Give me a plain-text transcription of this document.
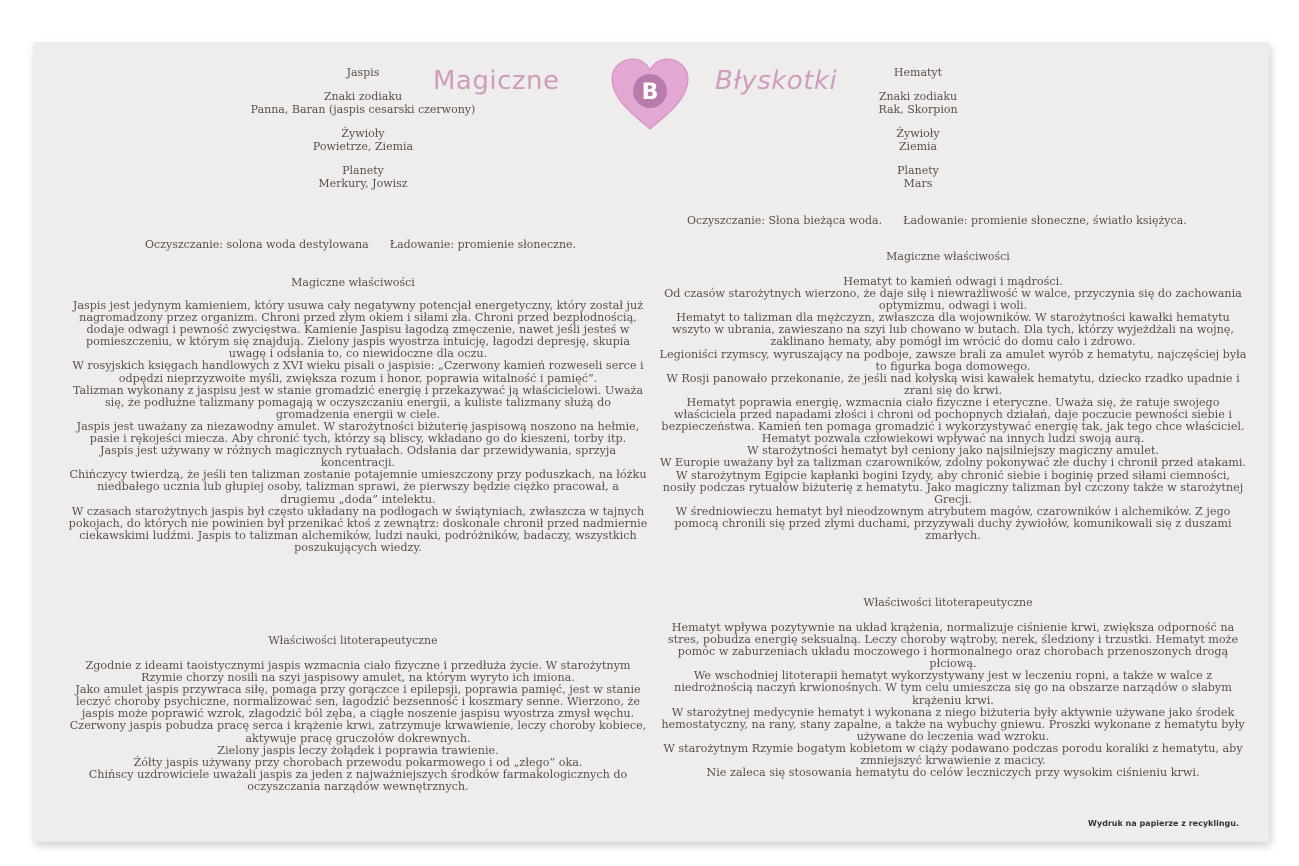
Magiczne	B Błyskotki
Jaspis
Znaki zodiaku
Panna, Baran (jaspis cesarski czerwony)
Żywioły
Powietrze, Ziemia
Planety
Merkury, Jowisz
Hematyt
Znaki zodiaku
Rak, Skorpion
Żywioły
Ziemia
Planety
Mars
Oczyszczanie: solona woda destylowana Ładowanie: promienie słoneczne.
Oczyszczanie: Słona bieżąca woda. Ładowanie: promienie słoneczne, światło księżyca.
Magiczne właściwości
Magiczne właściwości

Jaspis jest jedynym kamieniem, który usuwa cały negatywny potencjał energetyczny, który został już nagromadzony przez organizm. Chroni przed złym okiem i siłami zła. Chroni przed bezpłodnością, dodaje odwagi i pewność zwycięstwa. Kamienie Jaspisu łagodzą zmęczenie, nawet jeśli jesteś w pomieszczeniu, w którym się znajdują. Zielony jaspis wyostrza intuicję, łagodzi depresję, skupia uwagę i odsłania to, co niewidoczne dla oczu.

W rosyjskich księgach handlowych z XVI wieku pisali o jaspisie: „Czerwony kamień rozweseli serce i odpędzi nieprzyzwoite myśli, zwiększa rozum i honor, poprawia witalność i pamięć”.

Talizman wykonany z jaspisu jest w stanie gromadzić energię i przekazywać ją właścicielowi. Uważa się, że podłużne talizmany pomagają w oczyszczaniu energii, a kuliste talizmany służą do gromadzenia energii w ciele.

Jaspis jest uważany za niezawodny amulet. W starożytności biżuterię jaspisową noszono na hełmie, pasie i rękojeści miecza. Aby chronić tych, którzy są bliscy, wkładano go do kieszeni, torby itp.

Jaspis jest używany w różnych magicznych rytuałach. Odsłania dar przewidywania, sprzyja koncentracji.

Chińczycy twierdzą, że jeśli ten talizman zostanie potajemnie umieszczony przy poduszkach, na łóżku niedbałego ucznia lub głupiej osoby, talizman sprawi, że pierwszy będzie ciężko pracował, a drugiemu „doda” intelektu.

W czasach starożytnych jaspis był często układany na podłogach w świątyniach, zwłaszcza w tajnych pokojach, do których nie powinien był przenikać ktoś z zewnątrz: doskonale chronił przed nadmiernie ciekawskimi ludźmi. Jaspis to talizman alchemików, ludzi nauki, podróżników, badaczy, wszystkich poszukujących wiedzy.

Hematyt to kamień odwagi i mądrości.

Od czasów starożytnych wierzono, że daje siłę i niewrażliwość w walce, przyczynia się do zachowania optymizmu, odwagi i woli.

Hematyt to talizman dla mężczyzn, zwłaszcza dla wojowników. W starożytności kawałki hematytu wszyto w ubrania, zawieszano na szyi lub chowano w butach. Dla tych, którzy wyjeżdżali na wojnę, zaklinano hematy, aby pomógł im wrócić do domu cało i zdrowo.

Legioniści rzymscy, wyruszający na podboje, zawsze brali za amulet wyrób z hematytu, najczęściej była to figurka boga domowego.

W Rosji panowało przekonanie, że jeśli nad kołyską wisi kawałek hematytu, dziecko rzadko upadnie i zrani się do krwi.

Hematyt poprawia energię, wzmacnia ciało fizyczne i eteryczne. Uważa się, że ratuje swojego właściciela przed napadami złości i chroni od pochopnych działań, daje poczucie pewności siebie i bezpieczeństwa. Kamień ten pomaga gromadzić i wykorzystywać energię tak, jak tego chce właściciel. Hematyt pozwala człowiekowi wpływać na innych ludzi swoją aurą.

W starożytności hematyt był ceniony jako najsilniejszy magiczny amulet.

W Europie uważany był za talizman czarowników, zdolny pokonywać złe duchy i chronił przed atakami.

W starożytnym Egipcie kapłanki bogini Izydy, aby chronić siebie i boginię przed siłami ciemności, nosiły podczas rytuałów biżuterię z hematytu. Jako magiczny talizman był czczony także w starożytnej Grecji.

W średniowieczu hematyt był nieodzownym atrybutem magów, czarowników i alchemików. Z jego pomocą chronili się przed złymi duchami, przyzywali duchy żywiołów, komunikowali się z duszami zmarłych.

Właściwości litoterapeutyczne
Właściwości litoterapeutyczne

Zgodnie z ideami taoistycznymi jaspis wzmacnia ciało fizyczne i przedłuża życie. W starożytnym Rzymie chorzy nosili na szyi jaspisowy amulet, na którym wyryto ich imiona.

Jako amulet jaspis przywraca siłę, pomaga przy gorączce i epilepsji, poprawia pamięć, jest w stanie leczyć choroby psychiczne, normalizować sen, łagodzić bezsenność i koszmary senne. Wierzono, że jaspis może poprawić wzrok, złagodzić ból zęba, a ciągłe noszenie jaspisu wyostrza zmysł węchu.

Czerwony jaspis pobudza pracę serca i krążenie krwi, zatrzymuje krwawienie, leczy choroby kobiece, aktywuje pracę gruczołów dokrewnych.

Zielony jaspis leczy żołądek i poprawia trawienie.

Żółty jaspis używany przy chorobach przewodu pokarmowego i od „złego” oka.

Chińscy uzdrowiciele uważali jaspis za jeden z najważniejszych środków farmakologicznych do oczyszczania narządów wewnętrznych.

Hematyt wpływa pozytywnie na układ krążenia, normalizuje ciśnienie krwi, zwiększa odporność na stres, pobudza energię seksualną. Leczy choroby wątroby, nerek, śledziony i trzustki. Hematyt może pomóc w zaburzeniach układu moczowego i hormonalnego oraz chorobach przenoszonych drogą płciową.

We wschodniej litoterapii hematyt wykorzystywany jest w leczeniu ropni, a także w walce z niedrożnością naczyń krwionośnych. W tym celu umieszcza się go na obszarze narządów o słabym krążeniu krwi.

W starożytnej medycynie hematyt i wykonana z niego biżuteria były aktywnie używane jako środek hemostatyczny, na rany, stany zapalne, a także na wybuchy gniewu. Proszki wykonane z hematytu były używane do leczenia wad wzroku.

W starożytnym Rzymie bogatym kobietom w ciąży podawano podczas porodu koraliki z hematytu, aby zmniejszyć krwawienie z macicy.

Nie zaleca się stosowania hematytu do celów leczniczych przy wysokim ciśnieniu krwi.

Wydruk na papierze z recyklingu.
